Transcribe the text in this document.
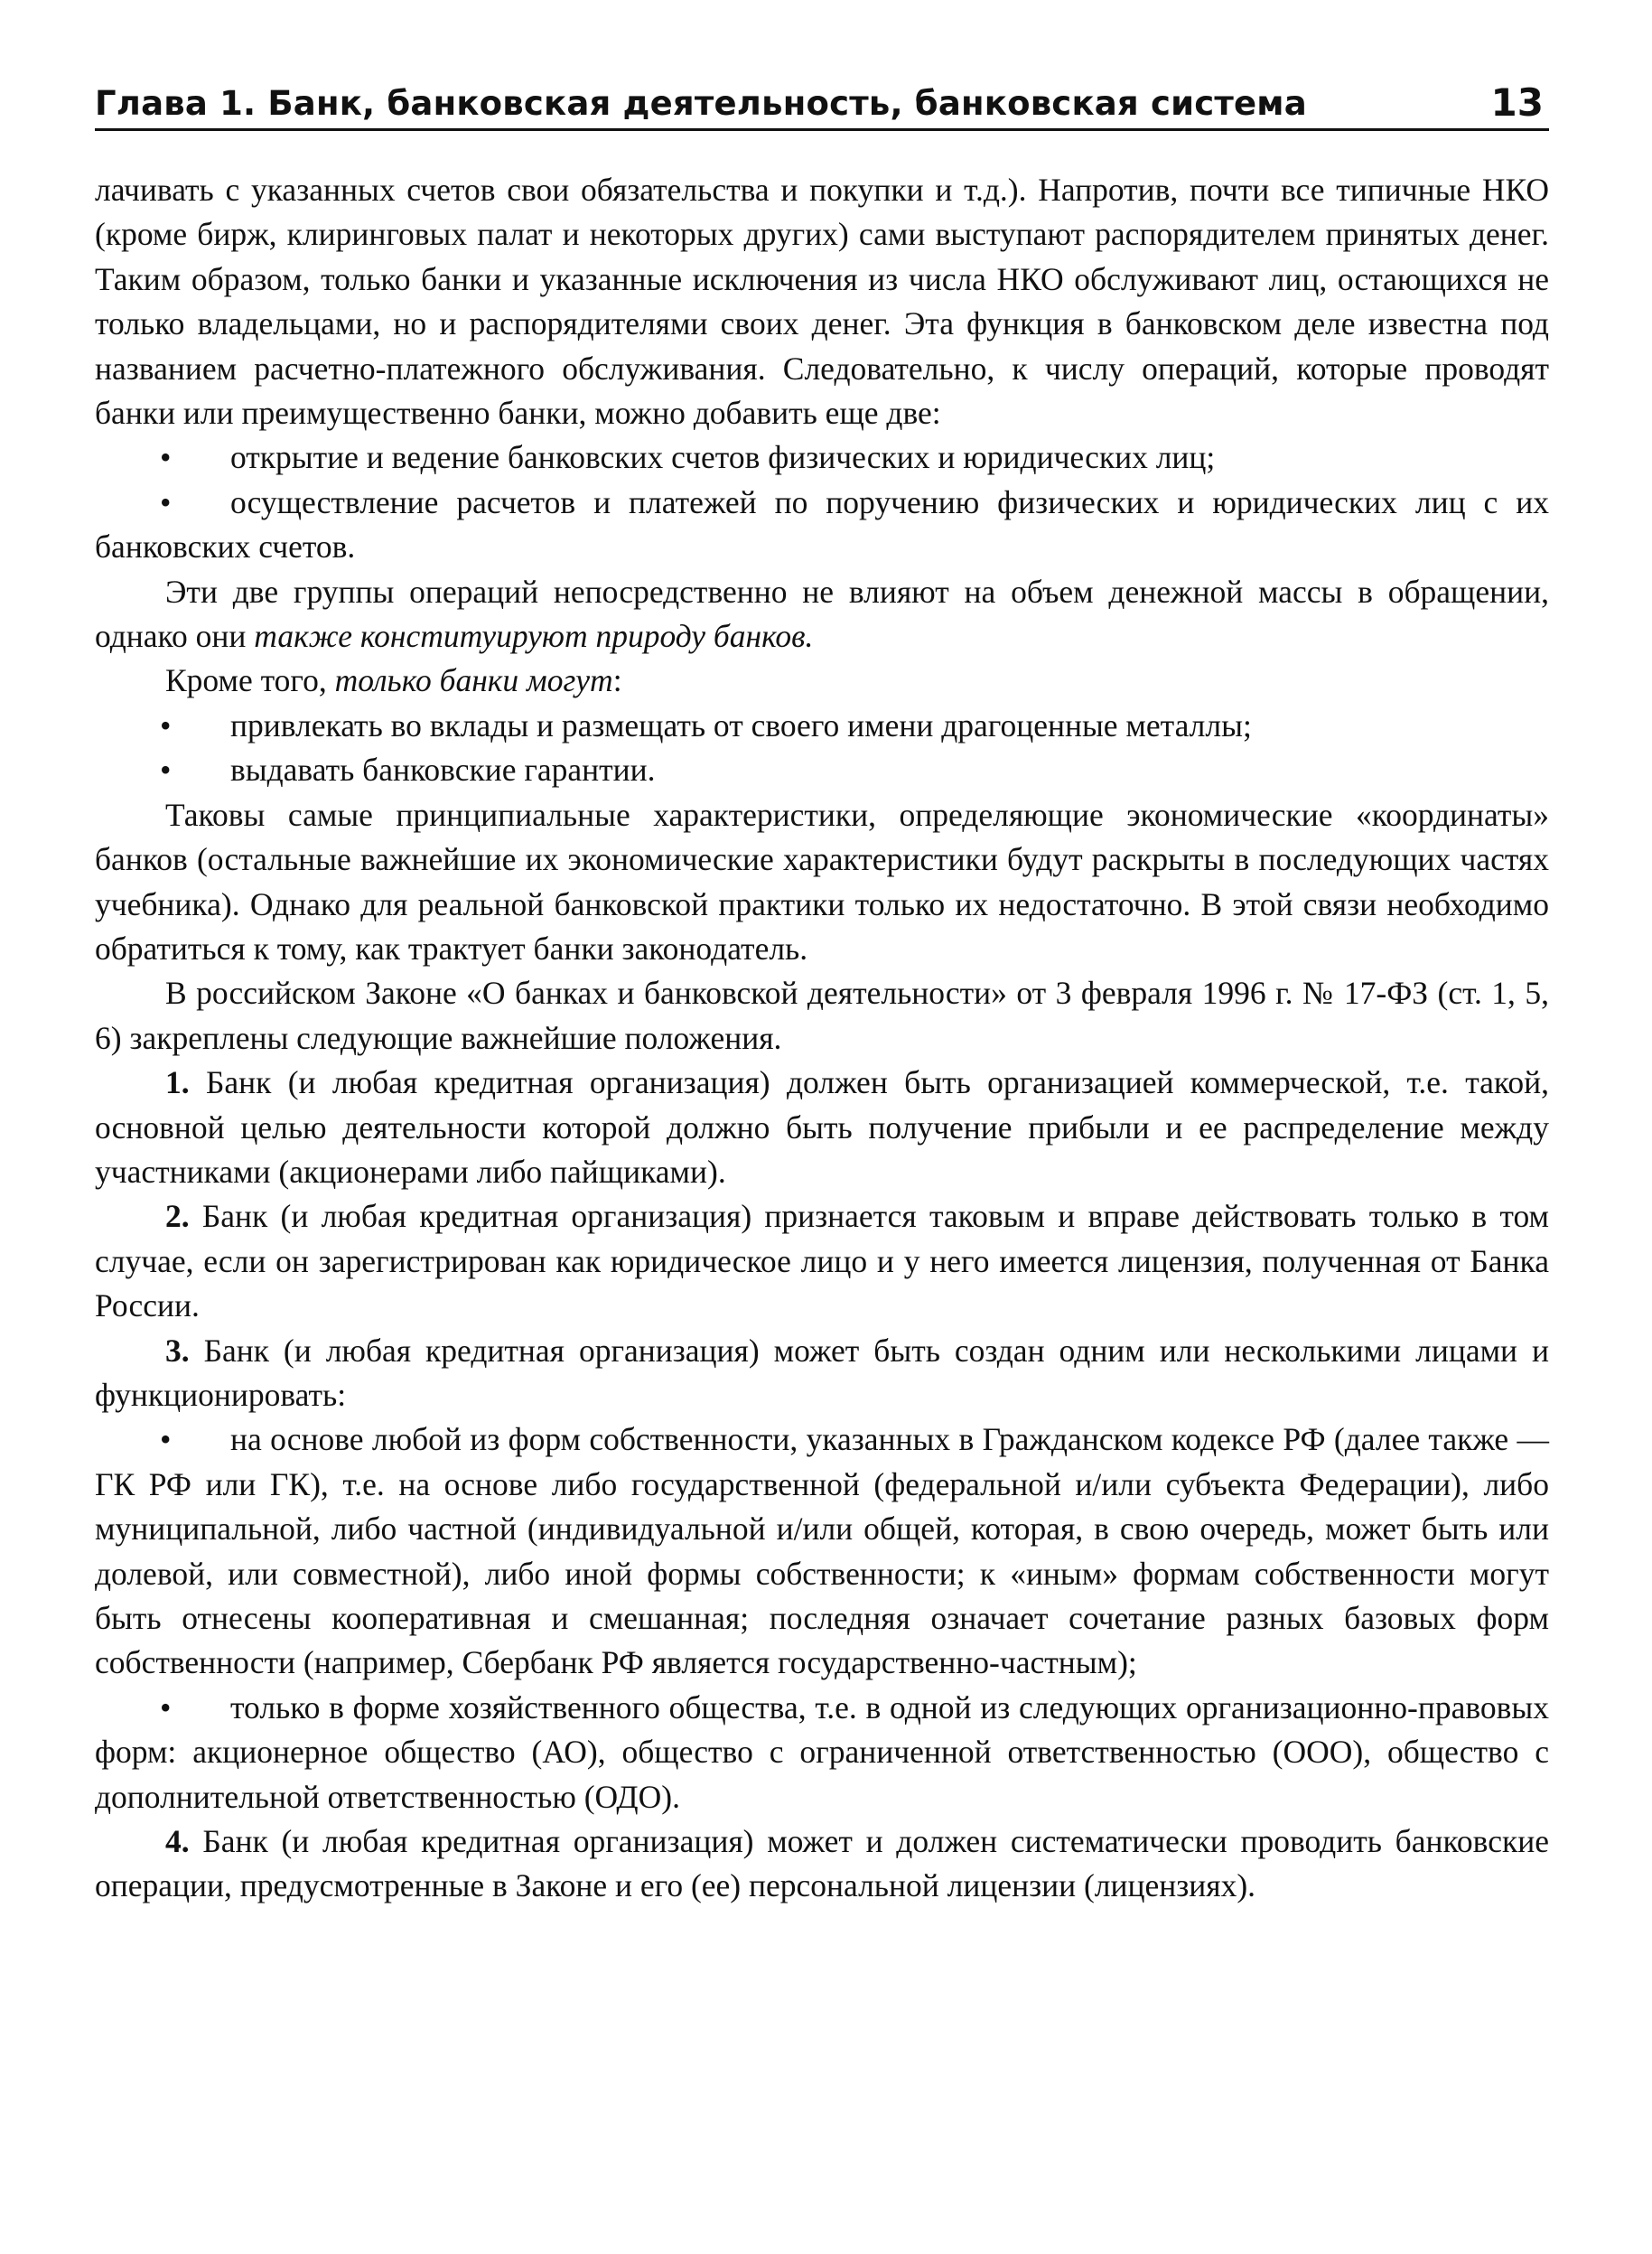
Глава 1. Банк, банковская деятельность, банковская система	13

лачивать с указанных счетов свои обязательства и покупки и т.д.). Напротив, почти все типичные НКО (кроме бирж, клиринговых палат и некоторых других) сами выступают распорядителем принятых денег. Таким образом, только банки и указанные исключения из числа НКО обслуживают лиц, остающихся не только владельцами, но и распорядителями своих денег. Эта функция в банковском деле известна под названием расчетно-платежного обслуживания. Следовательно, к числу операций, которые проводят банки или преимущественно банки, можно добавить еще две:

• открытие и ведение банковских счетов физических и юридических лиц;

• осуществление расчетов и платежей по поручению физических и юридических лиц с их банковских счетов.

Эти две группы операций непосредственно не влияют на объем денежной массы в обращении, однако они также конституируют природу банков.

Кроме того, только банки могут:

• привлекать во вклады и размещать от своего имени драгоценные металлы;

• выдавать банковские гарантии.

Таковы самые принципиальные характеристики, определяющие экономические «координаты» банков (остальные важнейшие их экономические характеристики будут раскрыты в последующих частях учебника). Однако для реальной банковской практики только их недостаточно. В этой связи необходимо обратиться к тому, как трактует банки законодатель.

В российском Законе «О банках и банковской деятельности» от 3 февраля 1996 г. № 17-ФЗ (ст. 1, 5, 6) закреплены следующие важнейшие положения.

1. Банк (и любая кредитная организация) должен быть организацией коммерческой, т.е. такой, основной целью деятельности которой должно быть получение прибыли и ее распределение между участниками (акционерами либо пайщиками).

2. Банк (и любая кредитная организация) признается таковым и вправе действовать только в том случае, если он зарегистрирован как юридическое лицо и у него имеется лицензия, полученная от Банка России.

3. Банк (и любая кредитная организация) может быть создан одним или несколькими лицами и функционировать:

• на основе любой из форм собственности, указанных в Гражданском кодексе РФ (далее также — ГК РФ или ГК), т.е. на основе либо государственной (федеральной и/или субъекта Федерации), либо муниципальной, либо частной (индивидуальной и/или общей, которая, в свою очередь, может быть или долевой, или совместной), либо иной формы собственности; к «иным» формам собственности могут быть отнесены кооперативная и смешанная; последняя означает сочетание разных базовых форм собственности (например, Сбербанк РФ является государственно-частным);

• только в форме хозяйственного общества, т.е. в одной из следующих организационно-правовых форм: акционерное общество (АО), общество с ограниченной ответственностью (ООО), общество с дополнительной ответственностью (ОДО).

4. Банк (и любая кредитная организация) может и должен систематически проводить банковские операции, предусмотренные в Законе и его (ее) персональной лицензии (лицензиях).
